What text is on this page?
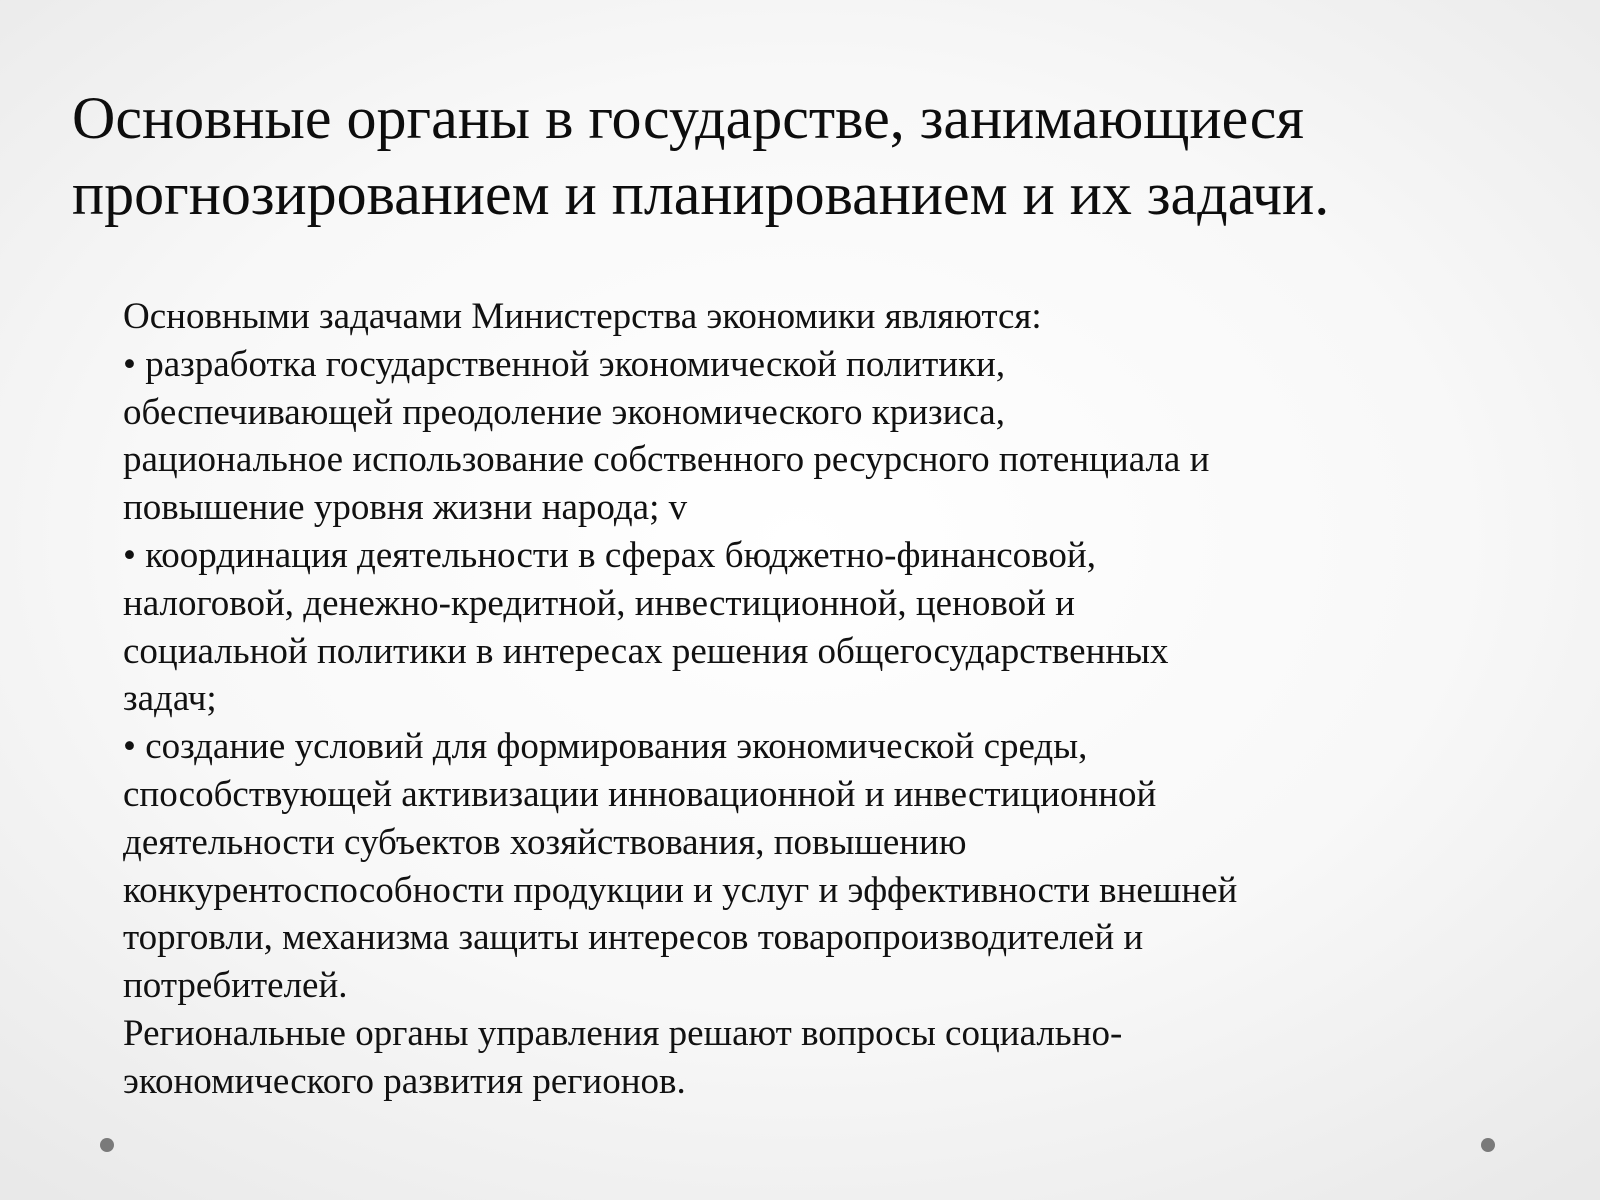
Основные органы в государстве, занимающиеся
прогнозированием и планированием и их задачи.
Основными задачами Министерства экономики являются:
• разработка государственной экономической политики,
обеспечивающей преодоление экономического кризиса,
рациональное использование собственного ресурсного потенциала и
повышение уровня жизни народа; v
• координация деятельности в сферах бюджетно-финансовой,
налоговой, денежно-кредитной, инвестиционной, ценовой и
социальной политики в интересах решения общегосударственных
задач;
• создание условий для формирования экономической среды,
способствующей активизации инновационной и инвестиционной
деятельности субъектов хозяйствования, повышению
конкурентоспособности продукции и услуг и эффективности внешней
торговли, механизма защиты интересов товаропроизводителей и
потребителей.
Региональные органы управления решают вопросы социально-
экономического развития регионов.
